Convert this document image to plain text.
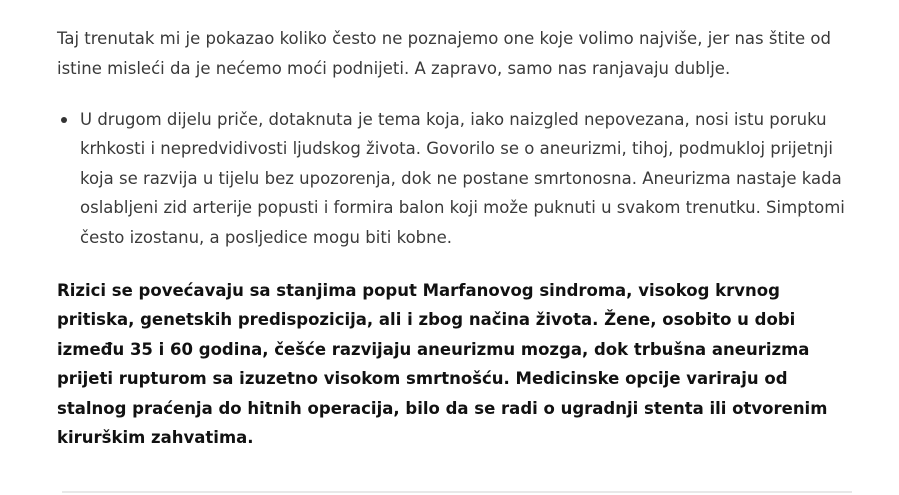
Taj trenutak mi je pokazao koliko često ne poznajemo one koje volimo najviše, jer nas štite od istine misleći da je nećemo moći podnijeti. A zapravo, samo nas ranjavaju dublje.

U drugom dijelu priče, dotaknuta je tema koja, iako naizgled nepovezana, nosi istu poruku krhkosti i nepredvidivosti ljudskog života. Govorilo se o aneurizmi, tihoj, podmukloj prijetnji koja se razvija u tijelu bez upozorenja, dok ne postane smrtonosna. Aneurizma nastaje kada oslabljeni zid arterije popusti i formira balon koji može puknuti u svakom trenutku. Simptomi često izostanu, a posljedice mogu biti kobne.

Rizici se povećavaju sa stanjima poput Marfanovog sindroma, visokog krvnog pritiska, genetskih predispozicija, ali i zbog načina života. Žene, osobito u dobi između 35 i 60 godina, češće razvijaju aneurizmu mozga, dok trbušna aneurizma prijeti rupturom sa izuzetno visokom smrtnošću. Medicinske opcije variraju od stalnog praćenja do hitnih operacija, bilo da se radi o ugradnji stenta ili otvorenim kirurškim zahvatima.
